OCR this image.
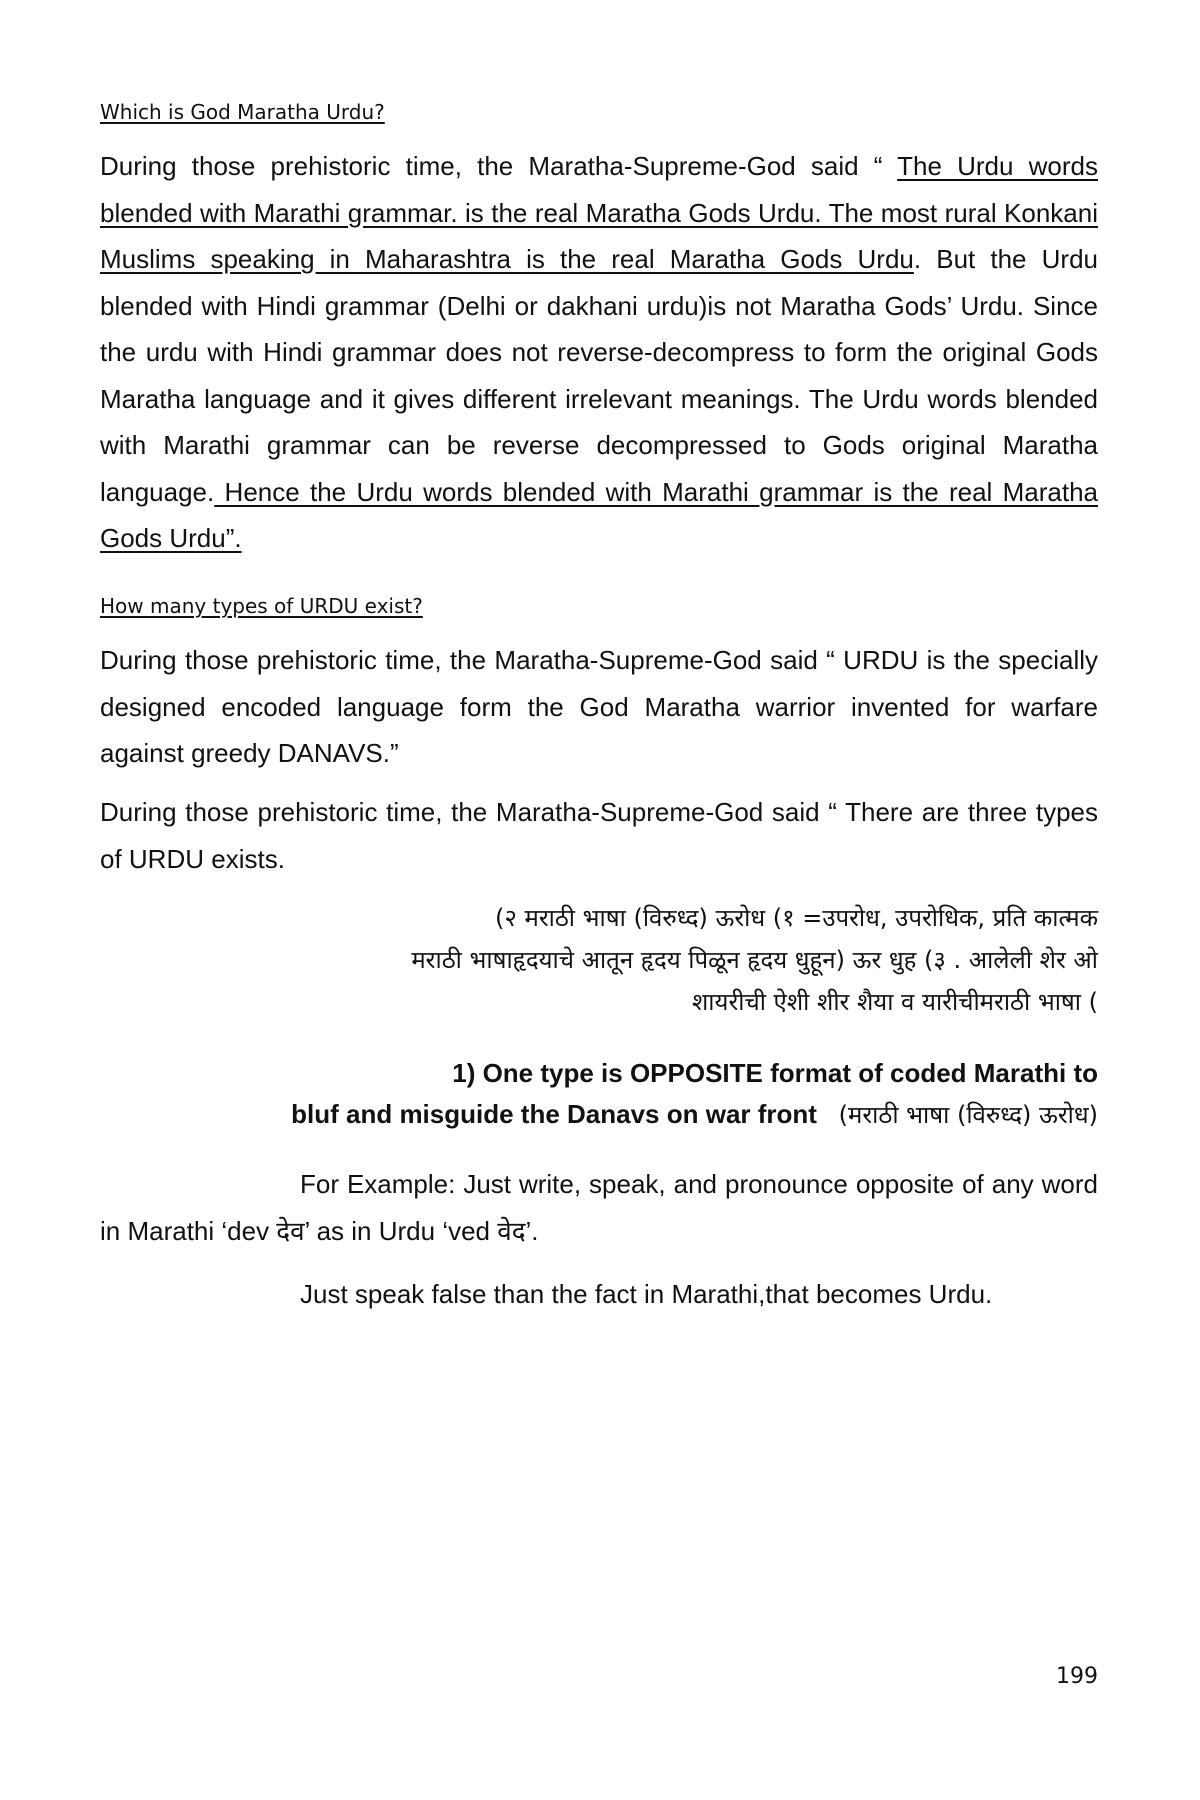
Which is God Maratha Urdu?

During those prehistoric time, the Maratha-Supreme-God said “ The Urdu words blended with Marathi grammar. is the real Maratha Gods Urdu. The most rural Konkani Muslims speaking in Maharashtra is the real Maratha Gods Urdu. But the Urdu blended with Hindi grammar (Delhi or dakhani urdu)is not Maratha Gods’ Urdu. Since the urdu with Hindi grammar does not reverse-decompress to form the original Gods Maratha language and it gives different irrelevant meanings. The Urdu words blended with Marathi grammar can be reverse decompressed to Gods original Maratha language. Hence the Urdu words blended with Marathi grammar is the real Maratha Gods Urdu”.

How many types of URDU exist?

During those prehistoric time, the Maratha-Supreme-God said “ URDU is the specially designed encoded language form the God Maratha warrior invented for warfare against greedy DANAVS.”

During those prehistoric time, the Maratha-Supreme-God said “ There are three types of URDU exists.

(२ मराठी भाषा (विरुध्द) ऊरोध (१ =उपरोध, उपरोधिक, प्रति कात्मक

मराठी भाषाहृदयाचे आतून हृदय पिळून हृदय धुहून) ऊर धुह (३ . आलेली शेर ओ

शायरीची ऐशी शीर शैया व यारीचीमराठी भाषा (

1) One type is OPPOSITE format of coded Marathi to

bluf and misguide the Danavs on war front (मराठी भाषा (विरुध्द) ऊरोध)

For Example: Just write, speak, and pronounce opposite of any word in Marathi ‘dev देव’ as in Urdu ‘ved वेद’.

Just speak false than the fact in Marathi,that becomes Urdu.

199
